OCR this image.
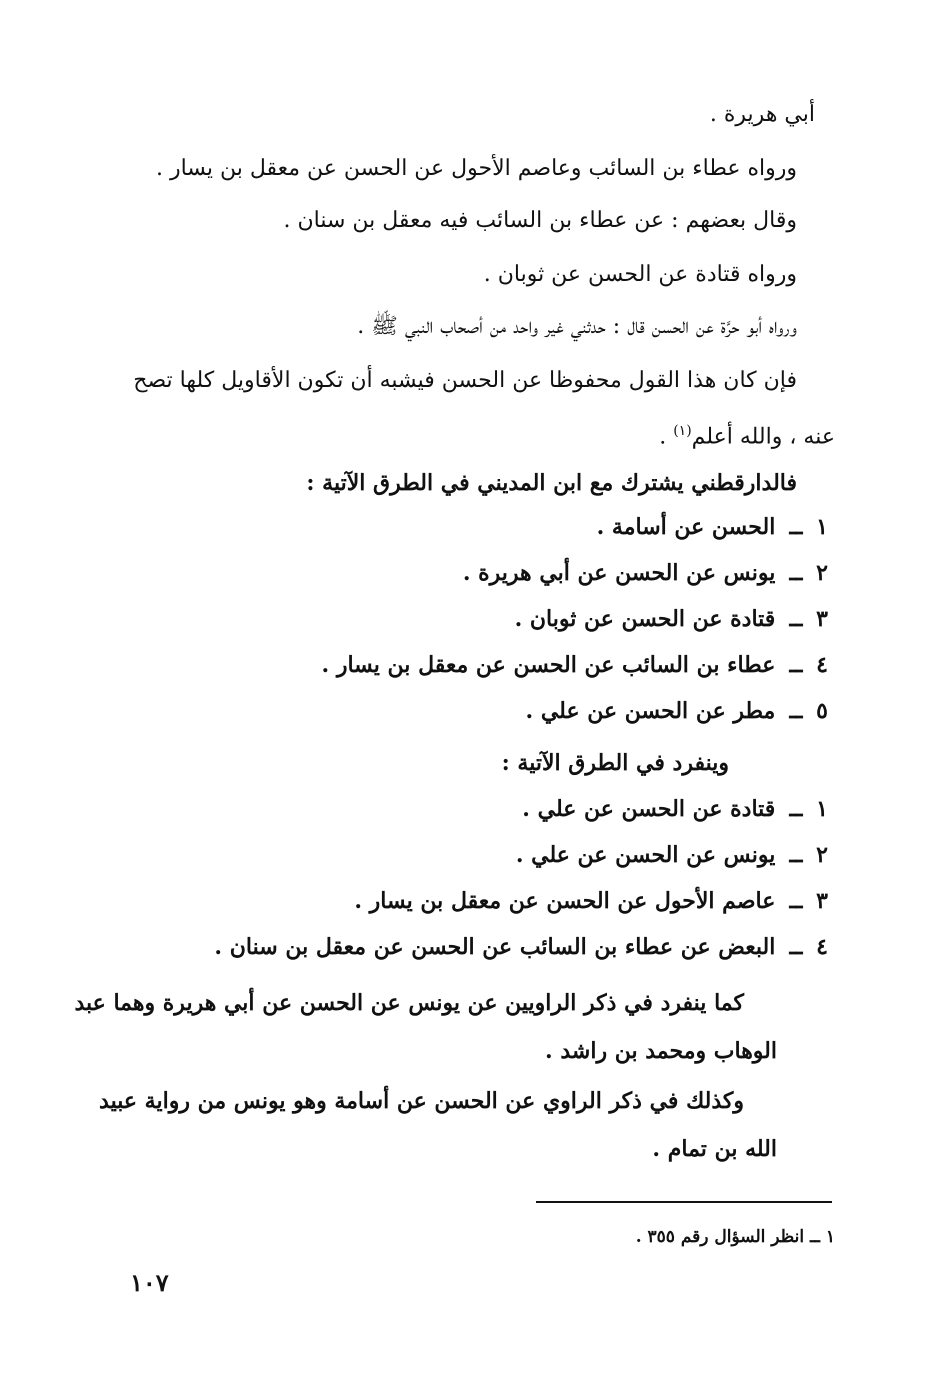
أبي هريرة .
ورواه عطاء بن السائب وعاصم الأحول عن الحسن عن معقل بن يسار .
وقال بعضهم : عن عطاء بن السائب فيه معقل بن سنان .
ورواه قتادة عن الحسن عن ثوبان .
ورواه أبو حرَّة عن الحسن قال : حدثني غير واحد من أصحاب النبي ﷺ .
فإن كان هذا القول محفوظا عن الحسن فيشبه أن تكون الأقاويل كلها تصح
عنه ، والله أعلم$^{(١)}$ .
فالدارقطني يشترك مع ابن المديني في الطرق الآتية :
١ــ الحسن عن أسامة .
٢ــ يونس عن الحسن عن أبي هريرة .
٣ــ قتادة عن الحسن عن ثوبان .
٤ــ عطاء بن السائب عن الحسن عن معقل بن يسار .
٥ــ مطر عن الحسن عن علي .
وينفرد في الطرق الآتية :
١ــ قتادة عن الحسن عن علي .
٢ــ يونس عن الحسن عن علي .
٣ــ عاصم الأحول عن الحسن عن معقل بن يسار .
٤ــ البعض عن عطاء بن السائب عن الحسن عن معقل بن سنان .
كما ينفرد في ذكر الراويين عن يونس عن الحسن عن أبي هريرة وهما عبد
الوهاب ومحمد بن راشد .
وكذلك في ذكر الراوي عن الحسن عن أسامة وهو يونس من رواية عبيد
الله بن تمام .
١ ــ انظر السؤال رقم ٣٥٥ .
١٠٧
